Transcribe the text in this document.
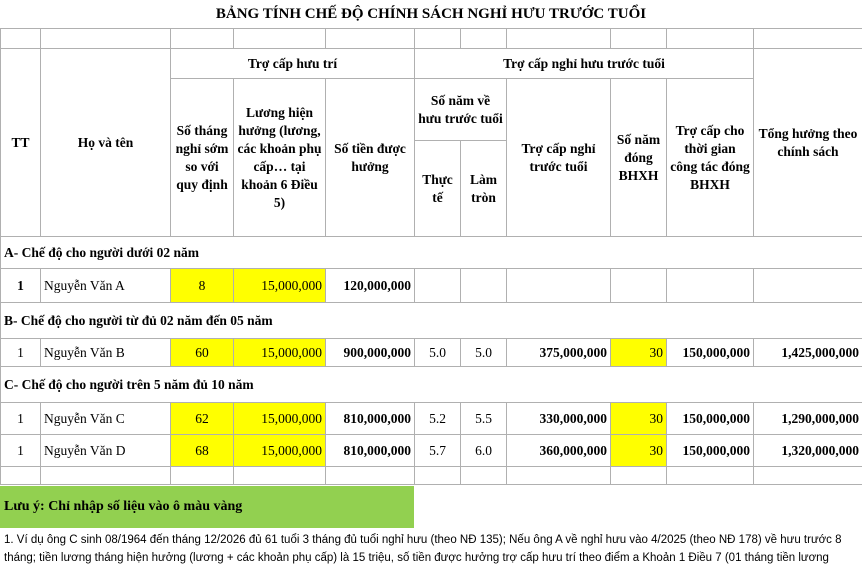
BẢNG TÍNH CHẾ ĐỘ CHÍNH SÁCH NGHỈ HƯU TRƯỚC TUỔI

TT	Họ và tên	Trợ cấp hưu trí			Trợ cấp nghỉ hưu trước tuổi					Tổng hưởng theo chính sách
		Số tháng nghỉ sớm so với quy định	Lương hiện hưởng (lương, các khoản phụ cấp… tại khoản 6 Điều 5)	Số tiền được hưởng	Số năm về hưu trước tuổi		Trợ cấp nghỉ trước tuổi	Số năm đóng BHXH	Trợ cấp cho thời gian công tác đóng BHXH	
					Thực tế	Làm tròn				
A- Chế độ cho người dưới 02 năm										
1	Nguyễn Văn A	8	15,000,000	120,000,000						
B- Chế độ cho người từ đủ 02 năm đến 05 năm										
1	Nguyễn Văn B	60	15,000,000	900,000,000	5.0	5.0	375,000,000	30	150,000,000	1,425,000,000
C- Chế độ cho người trên 5 năm đủ 10 năm										
1	Nguyễn Văn C	62	15,000,000	810,000,000	5.2	5.5	330,000,000	30	150,000,000	1,290,000,000
1	Nguyễn Văn D	68	15,000,000	810,000,000	5.7	6.0	360,000,000	30	150,000,000	1,320,000,000

Lưu ý: Chỉ nhập số liệu vào ô màu vàng
1. Ví dụ ông C sinh 08/1964 đến tháng 12/2026 đủ 61 tuổi 3 tháng đủ tuổi nghỉ hưu (theo NĐ 135); Nếu ông A về nghỉ hưu vào 4/2025 (theo NĐ 178) về hưu trước 8
tháng; tiền lương tháng hiện hưởng (lương + các khoản phụ cấp) là 15 triệu, số tiền được hưởng trợ cấp hưu trí theo điểm a Khoản 1 Điều 7 (01 tháng tiền lương
